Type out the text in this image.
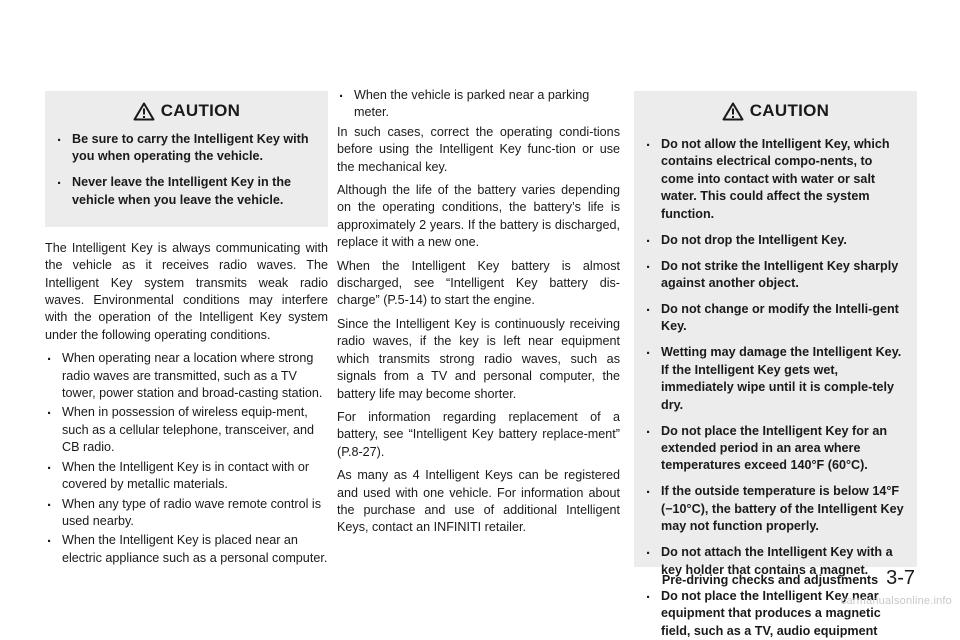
CAUTION
. Be sure to carry the Intelligent Key with you when operating the vehicle.
. Never leave the Intelligent Key in the vehicle when you leave the vehicle.

The Intelligent Key is always communicating with the vehicle as it receives radio waves. The Intelligent Key system transmits weak radio waves. Environmental conditions may interfere with the operation of the Intelligent Key system under the following operating conditions.

. When operating near a location where strong radio waves are transmitted, such as a TV tower, power station and broad-casting station.
. When in possession of wireless equip-ment, such as a cellular telephone, transceiver, and CB radio.
. When the Intelligent Key is in contact with or covered by metallic materials.
. When any type of radio wave remote control is used nearby.
. When the Intelligent Key is placed near an electric appliance such as a personal computer.
. When the vehicle is parked near a parking meter.

In such cases, correct the operating condi-tions before using the Intelligent Key func-tion or use the mechanical key.

Although the life of the battery varies depending on the operating conditions, the battery’s life is approximately 2 years. If the battery is discharged, replace it with a new one.

When the Intelligent Key battery is almost discharged, see “Intelligent Key battery dis-charge” (P.5-14) to start the engine.

Since the Intelligent Key is continuously receiving radio waves, if the key is left near equipment which transmits strong radio waves, such as signals from a TV and personal computer, the battery life may become shorter.

For information regarding replacement of a battery, see “Intelligent Key battery replace-ment” (P.8-27).

As many as 4 Intelligent Keys can be registered and used with one vehicle. For information about the purchase and use of additional Intelligent Keys, contact an INFINITI retailer.

CAUTION
. Do not allow the Intelligent Key, which contains electrical compo-nents, to come into contact with water or salt water. This could affect the system function.
. Do not drop the Intelligent Key.
. Do not strike the Intelligent Key sharply against another object.
. Do not change or modify the Intelli-gent Key.
. Wetting may damage the Intelligent Key. If the Intelligent Key gets wet, immediately wipe until it is comple-tely dry.
. Do not place the Intelligent Key for an extended period in an area where temperatures exceed 140°F (60°C).
. If the outside temperature is below 14°F (−10°C), the battery of the Intelligent Key may not function properly.
. Do not attach the Intelligent Key with a key holder that contains a magnet.
. Do not place the Intelligent Key near equipment that produces a magnetic field, such as a TV, audio equipment
Pre-driving checks and adjustments 3-7
carmanualsonline.info
